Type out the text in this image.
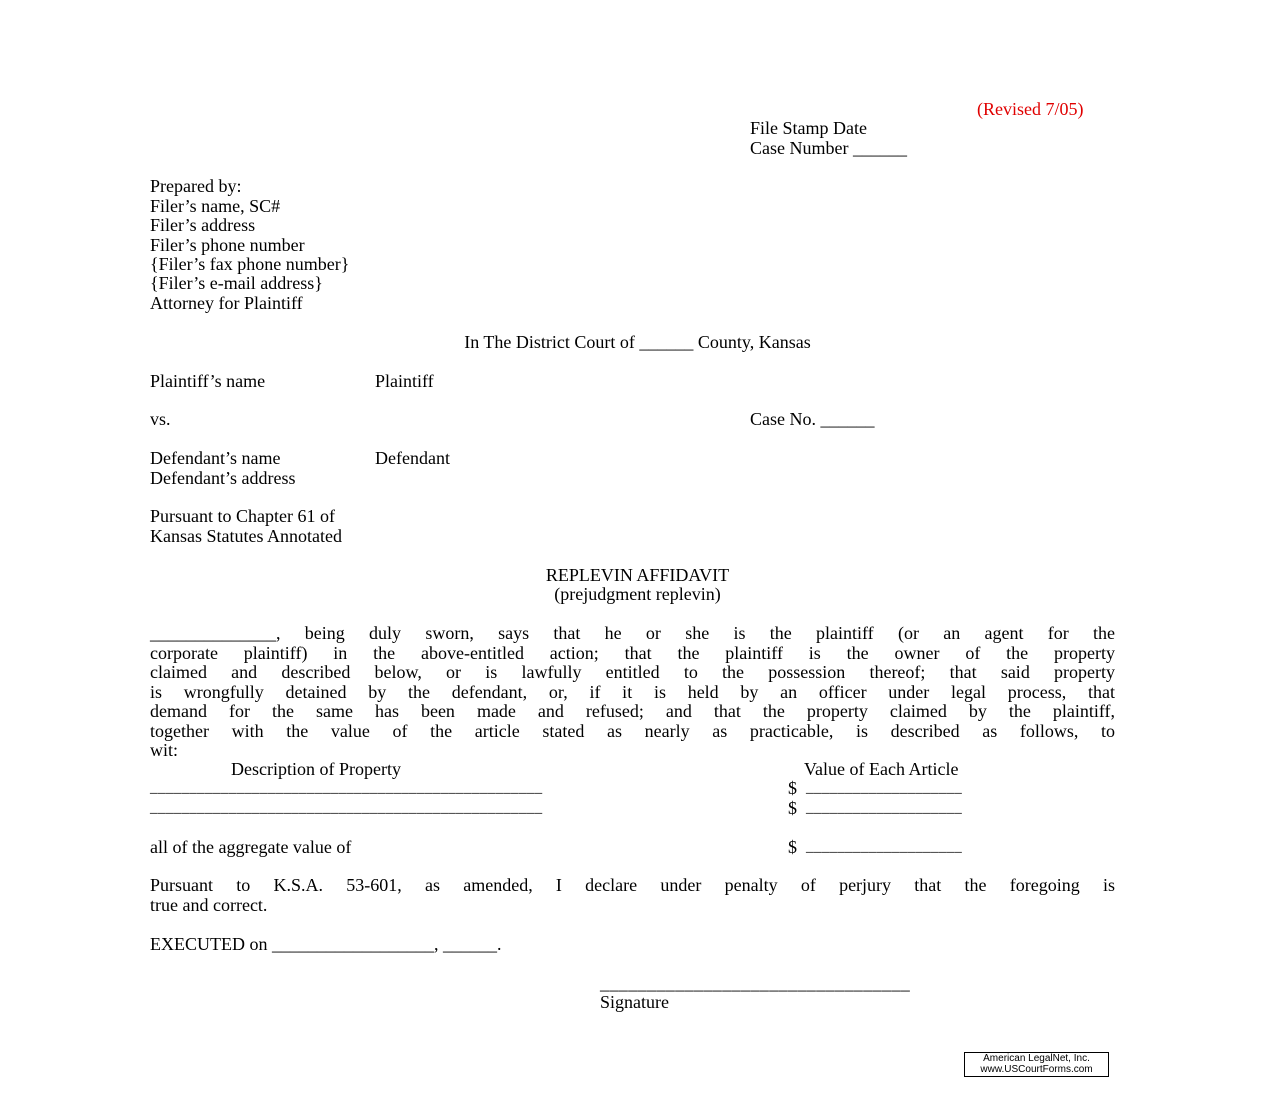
(Revised 7/05)
File Stamp Date
Case Number ______
Prepared by:
Filer’s name, SC#
Filer’s address
Filer’s phone number
{Filer’s fax phone number}
{Filer’s e-mail address}
Attorney for Plaintiff
In The District Court of ______ County, Kansas
Plaintiff’s name	Plaintiff
vs.	Case No. ______
Defendant’s name	Defendant
Defendant’s address
Pursuant to Chapter 61 of
Kansas Statutes Annotated
REPLEVIN AFFIDAVIT
(prejudgment replevin)
______________, being duly sworn, says that he or she is the plaintiff (or an agent for the
corporate plaintiff) in the above-entitled action; that the plaintiff is the owner of the property
claimed and described below, or is lawfully entitled to the possession thereof; that said property
is wrongfully detained by the defendant, or, if it is held by an officer under legal process, that
demand for the same has been made and refused; and that the property claimed by the plaintiff,
together with the value of the article stated as nearly as practicable, is described as follows, to
wit:
Description of Property	Value of Each Article
__________________________________________________	$ ____________________
__________________________________________________	$ ____________________
all of the aggregate value of	$ ____________________
Pursuant to K.S.A. 53-601, as amended, I declare under penalty of perjury that the foregoing is
true and correct.
EXECUTED on __________________, ______.
_________________________________
Signature
American LegalNet, Inc.
www.USCourtForms.com
